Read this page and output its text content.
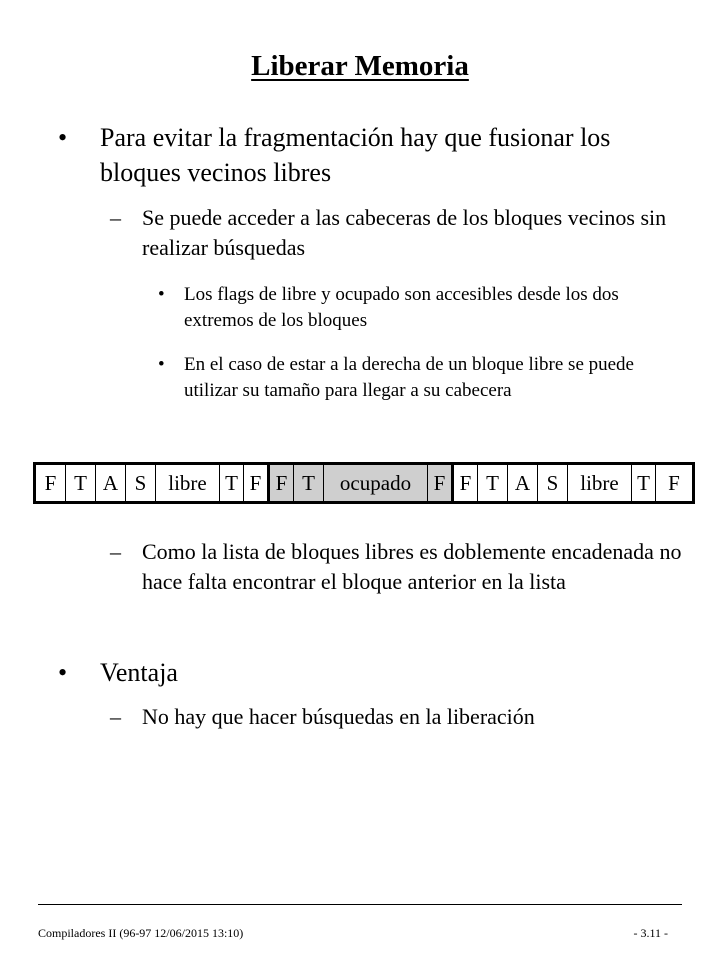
Liberar Memoria
• Para evitar la fragmentación hay que fusionar los bloques vecinos libres
– Se puede acceder a las cabeceras de los bloques vecinos sin realizar búsquedas
• Los flags de libre y ocupado son accesibles desde los dos extremos de los bloques
• En el caso de estar a la derecha de un bloque libre se puede utilizar su tamaño para llegar a su cabecera
F T A S	libre T F F T	ocupado	F F T A S	libre T F
– Como la lista de bloques libres es doblemente encadenada no hace falta encontrar el bloque anterior en la lista
• Ventaja
– No hay que hacer búsquedas en la liberación
Compiladores II (96-97 12/06/2015 13:10)	- 3.11 -
